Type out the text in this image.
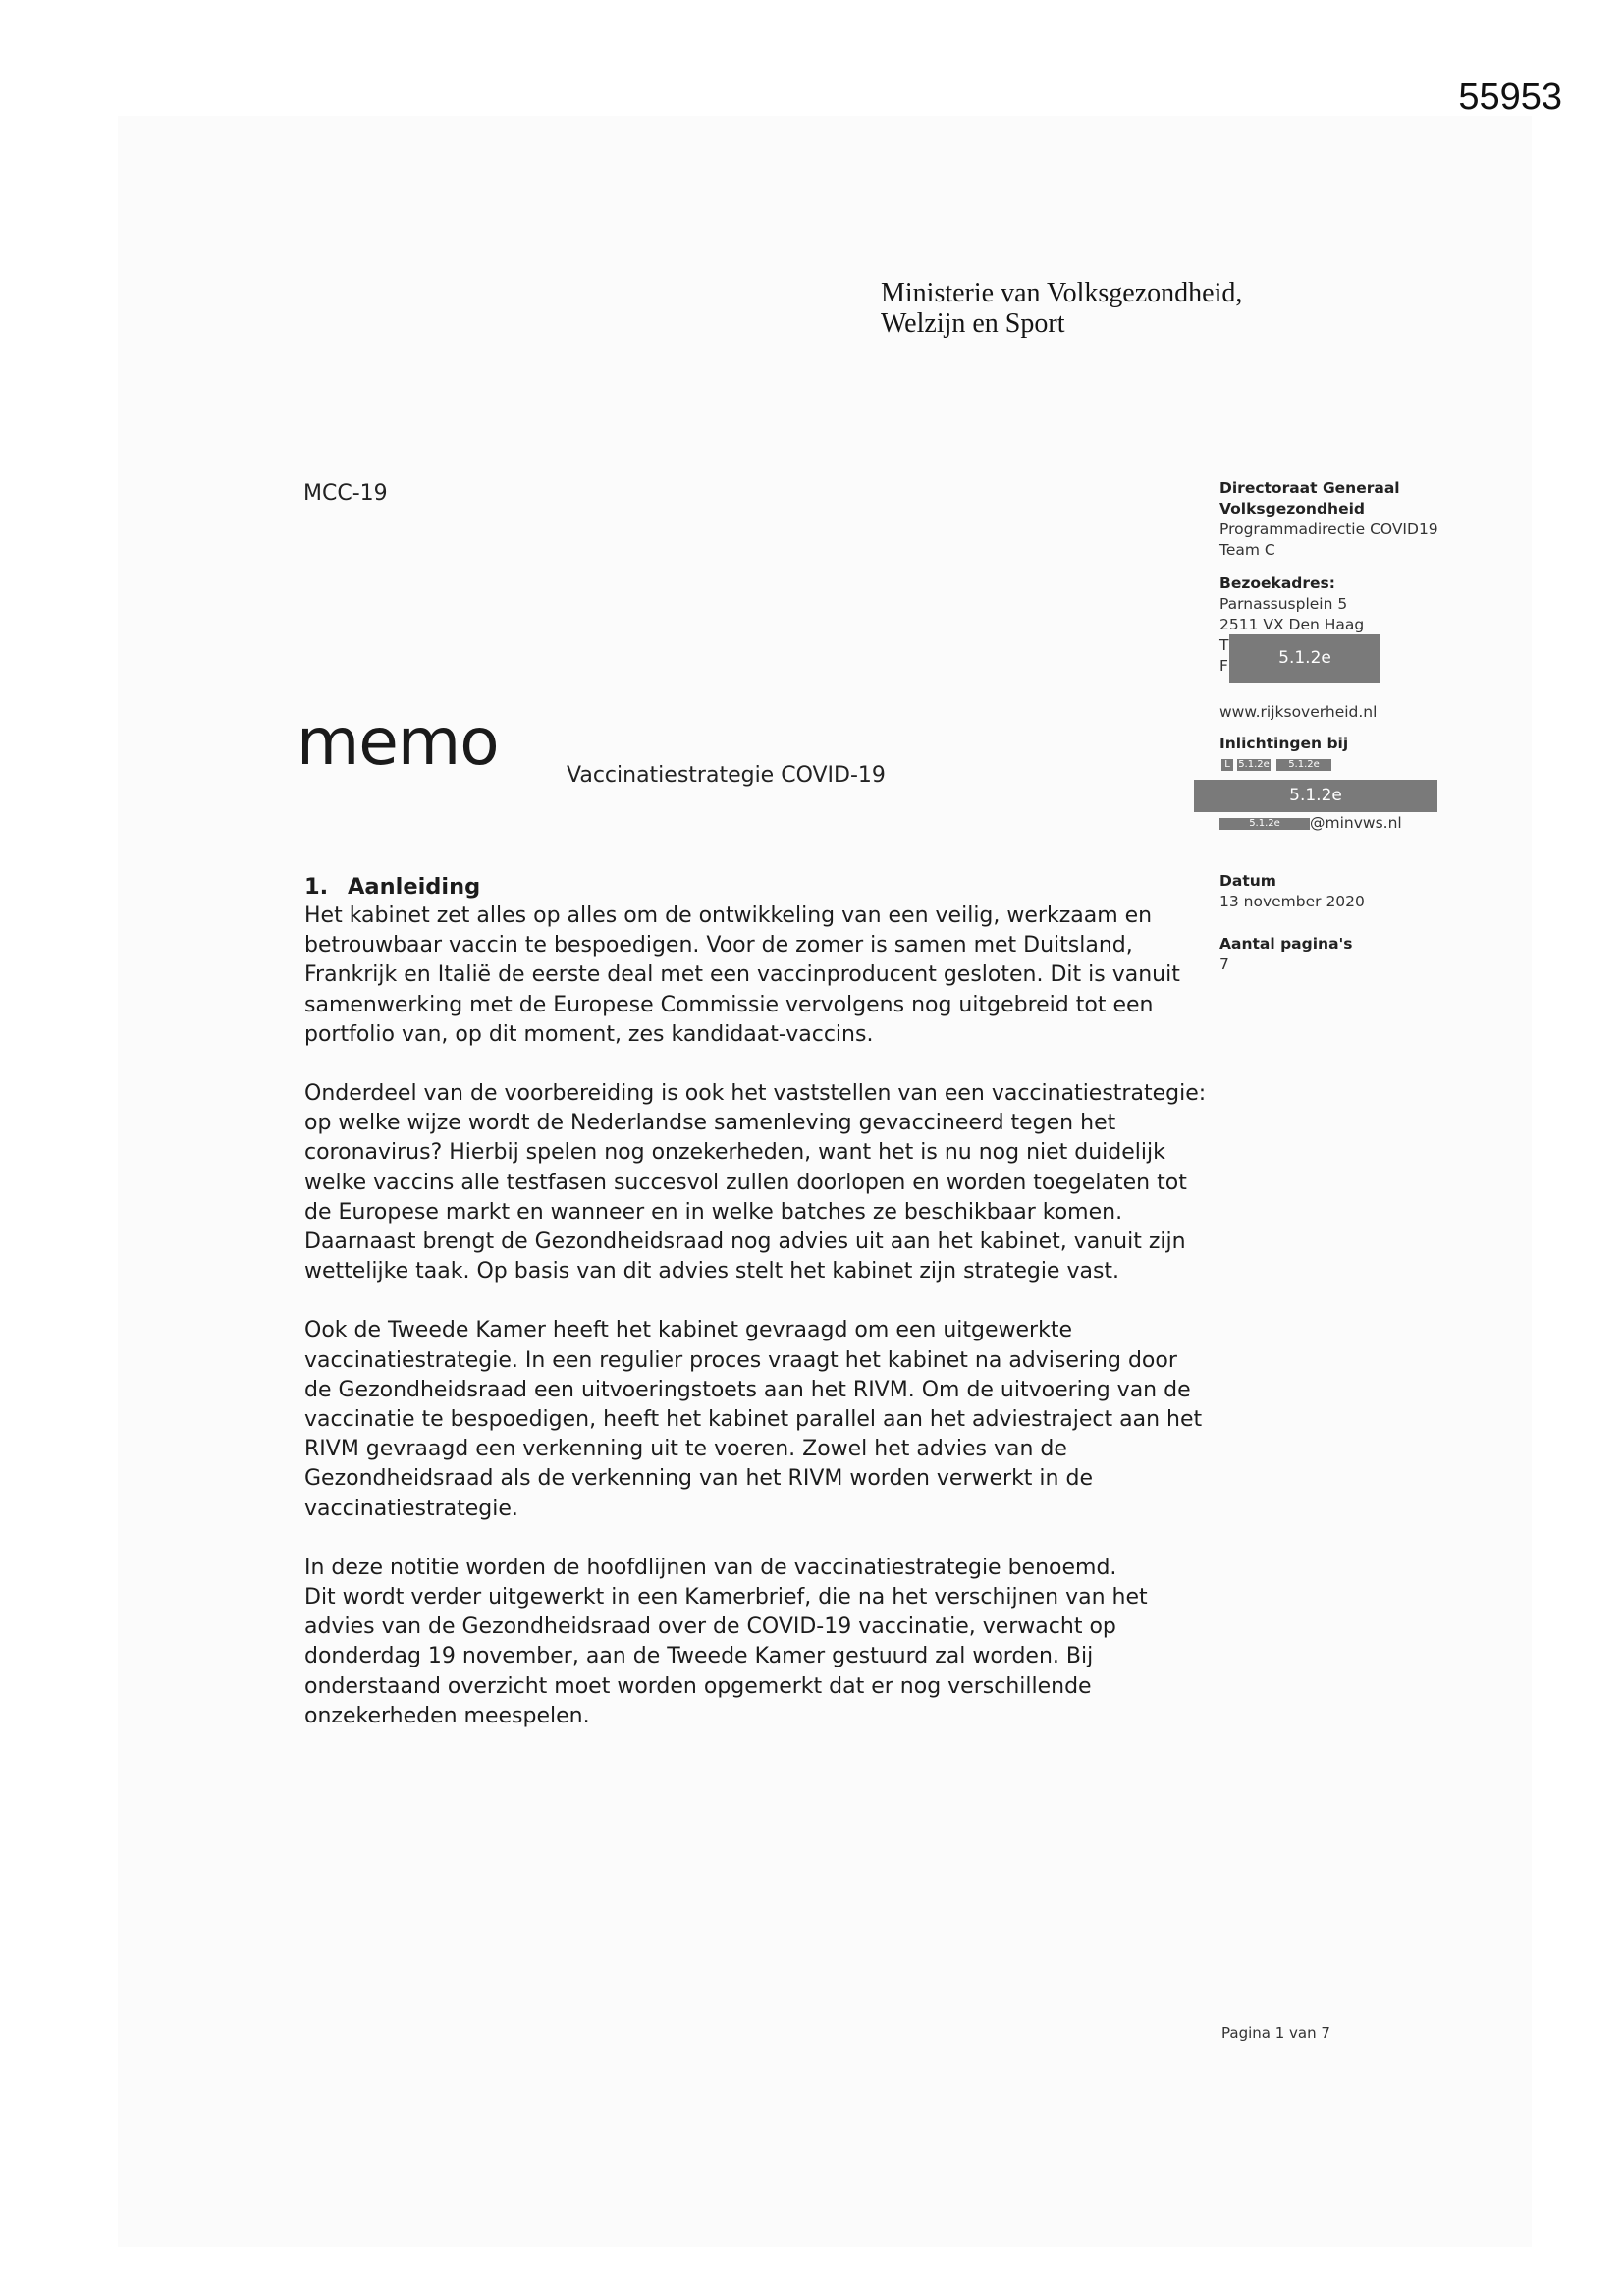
55953
Ministerie van Volksgezondheid,
Welzijn en Sport
MCC-19
memo	Vaccinatiestrategie COVID-19
Directoraat Generaal
Volksgezondheid
Programmadirectie COVID19
Team C
Bezoekadres:
Parnassusplein 5
2511 VX Den Haag
T
F	5.1.2e
www.rijksoverheid.nl
Inlichtingen bij
L 5.1.2e	5.1.2e
5.1.2e
5.1.2e	@minvws.nl
Datum
13 november 2020
Aantal pagina's
7
1. Aanleiding
Het kabinet zet alles op alles om de ontwikkeling van een veilig, werkzaam en
betrouwbaar vaccin te bespoedigen. Voor de zomer is samen met Duitsland,
Frankrijk en Italië de eerste deal met een vaccinproducent gesloten. Dit is vanuit
samenwerking met de Europese Commissie vervolgens nog uitgebreid tot een
portfolio van, op dit moment, zes kandidaat-vaccins.
Onderdeel van de voorbereiding is ook het vaststellen van een vaccinatiestrategie:
op welke wijze wordt de Nederlandse samenleving gevaccineerd tegen het
coronavirus? Hierbij spelen nog onzekerheden, want het is nu nog niet duidelijk
welke vaccins alle testfasen succesvol zullen doorlopen en worden toegelaten tot
de Europese markt en wanneer en in welke batches ze beschikbaar komen.
Daarnaast brengt de Gezondheidsraad nog advies uit aan het kabinet, vanuit zijn
wettelijke taak. Op basis van dit advies stelt het kabinet zijn strategie vast.
Ook de Tweede Kamer heeft het kabinet gevraagd om een uitgewerkte
vaccinatiestrategie. In een regulier proces vraagt het kabinet na advisering door
de Gezondheidsraad een uitvoeringstoets aan het RIVM. Om de uitvoering van de
vaccinatie te bespoedigen, heeft het kabinet parallel aan het adviestraject aan het
RIVM gevraagd een verkenning uit te voeren. Zowel het advies van de
Gezondheidsraad als de verkenning van het RIVM worden verwerkt in de
vaccinatiestrategie.
In deze notitie worden de hoofdlijnen van de vaccinatiestrategie benoemd.
Dit wordt verder uitgewerkt in een Kamerbrief, die na het verschijnen van het
advies van de Gezondheidsraad over de COVID-19 vaccinatie, verwacht op
donderdag 19 november, aan de Tweede Kamer gestuurd zal worden. Bij
onderstaand overzicht moet worden opgemerkt dat er nog verschillende
onzekerheden meespelen.
Pagina 1 van 7
